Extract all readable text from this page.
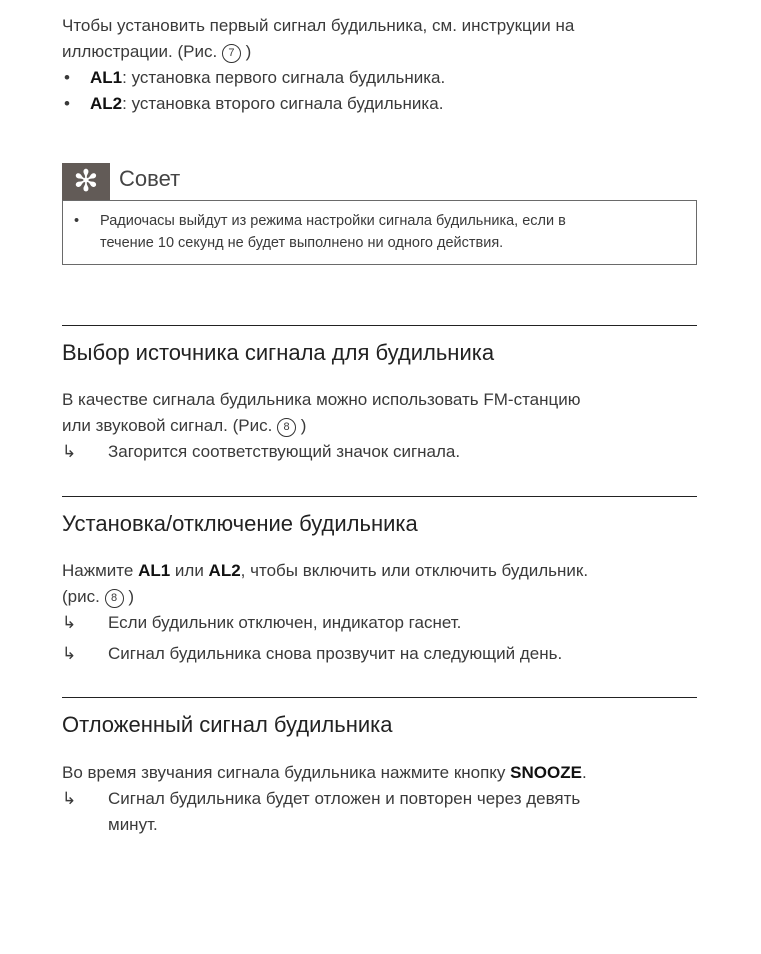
Чтобы установить первый сигнал будильника, см. инструкции на
иллюстрации. (Рис. 7 )
• AL1: установка первого сигнала будильника.
• AL2: установка второго сигнала будильника.
✻ Совет
• Радиочасы выйдут из режима настройки сигнала будильника, если в
течение 10 секунд не будет выполнено ни одного действия.
Выбор источника сигнала для будильника
В качестве сигнала будильника можно использовать FM-станцию
или звуковой сигнал. (Рис. 8 )
↳ Загорится соответствующий значок сигнала.
Установка/отключение будильника
Нажмите AL1 или AL2, чтобы включить или отключить будильник.
(рис. 8 )
↳ Если будильник отключен, индикатор гаснет.
↳ Сигнал будильника снова прозвучит на следующий день.
Отложенный сигнал будильника
Во время звучания сигнала будильника нажмите кнопку SNOOZE.
↳ Сигнал будильника будет отложен и повторен через девять
минут.
